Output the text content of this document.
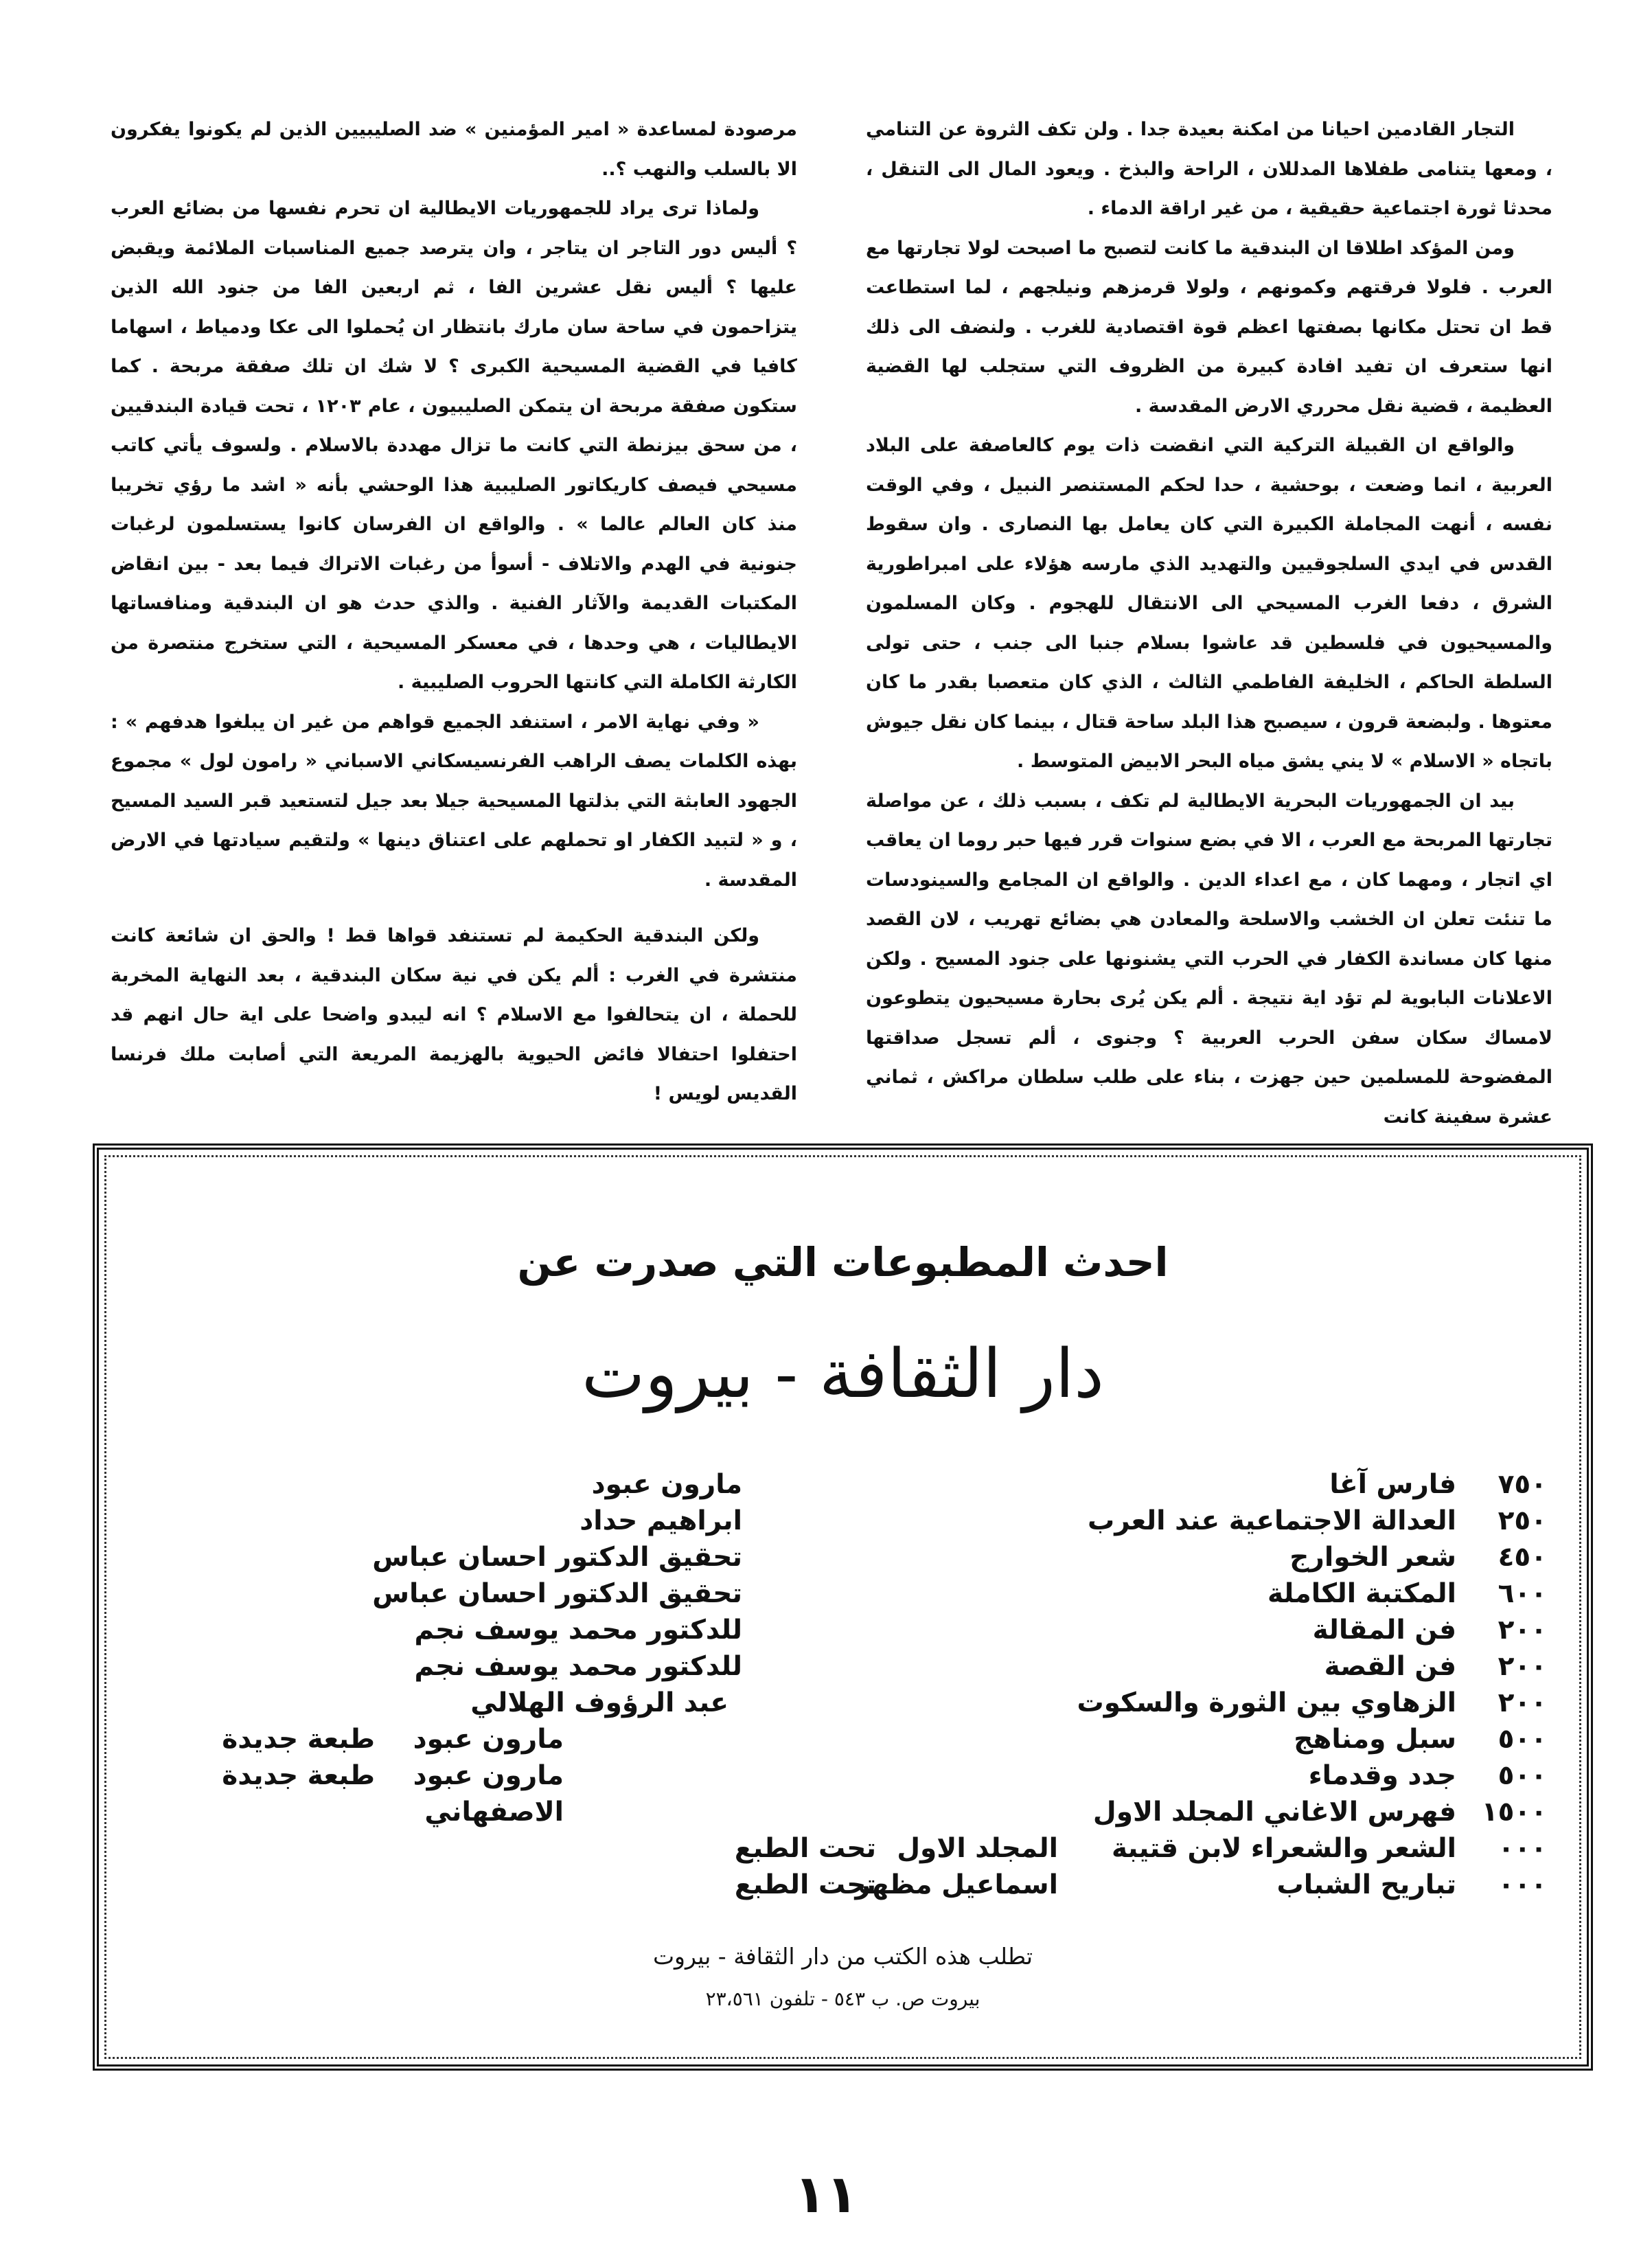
التجار القادمين احيانا من امكنة بعيدة جدا . ولن تكف الثروة عن التنامي ، ومعها يتنامى طفلاها المدللان ، الراحة والبذخ . ويعود المال الى التنقل ، محدثا ثورة اجتماعية حقيقية ، من غير اراقة الدماء .

ومن المؤكد اطلاقا ان البندقية ما كانت لتصبح ما اصبحت لولا تجارتها مع العرب . فلولا فرقتهم وكمونهم ، ولولا قرمزهم ونيلجهم ، لما استطاعت قط ان تحتل مكانها بصفتها اعظم قوة اقتصادية للغرب . ولنضف الى ذلك انها ستعرف ان تفيد افادة كبيرة من الظروف التي ستجلب لها القضية العظيمة ، قضية نقل محرري الارض المقدسة .

والواقع ان القبيلة التركية التي انقضت ذات يوم كالعاصفة على البلاد العربية ، انما وضعت ، بوحشية ، حدا لحكم المستنصر النبيل ، وفي الوقت نفسه ، أنهت المجاملة الكبيرة التي كان يعامل بها النصارى . وان سقوط القدس في ايدي السلجوقيين والتهديد الذي مارسه هؤلاء على امبراطورية الشرق ، دفعا الغرب المسيحي الى الانتقال للهجوم . وكان المسلمون والمسيحيون في فلسطين قد عاشوا بسلام جنبا الى جنب ، حتى تولى السلطة الحاكم ، الخليفة الفاطمي الثالث ، الذي كان متعصبا بقدر ما كان معتوها . ولبضعة قرون ، سيصبح هذا البلد ساحة قتال ، بينما كان نقل جيوش باتجاه « الاسلام » لا يني يشق مياه البحر الابيض المتوسط .

بيد ان الجمهوريات البحرية الايطالية لم تكف ، بسبب ذلك ، عن مواصلة تجارتها المربحة مع العرب ، الا في بضع سنوات قرر فيها حبر روما ان يعاقب اي اتجار ، ومهما كان ، مع اعداء الدين . والواقع ان المجامع والسينودسات ما تنئت تعلن ان الخشب والاسلحة والمعادن هي بضائع تهريب ، لان القصد منها كان مساندة الكفار في الحرب التي يشنونها على جنود المسيح . ولكن الاعلانات البابوية لم تؤد اية نتيجة . ألم يكن يُرى بحارة مسيحيون يتطوعون لامساك سكان سفن الحرب العربية ؟ وجنوى ، ألم تسجل صداقتها المفضوحة للمسلمين حين جهزت ، بناء على طلب سلطان مراكش ، ثماني عشرة سفينة كانت

مرصودة لمساعدة « امير المؤمنين » ضد الصليبيين الذين لم يكونوا يفكرون الا بالسلب والنهب ؟..

ولماذا ترى يراد للجمهوريات الايطالية ان تحرم نفسها من بضائع العرب ؟ أليس دور التاجر ان يتاجر ، وان يترصد جميع المناسبات الملائمة ويقبض عليها ؟ أليس نقل عشرين الفا ، ثم اربعين الفا من جنود الله الذين يتزاحمون في ساحة سان مارك بانتظار ان يُحملوا الى عكا ودمياط ، اسهاما كافيا في القضية المسيحية الكبرى ؟ لا شك ان تلك صفقة مربحة . كما ستكون صفقة مربحة ان يتمكن الصليبيون ، عام ١٢٠٣ ، تحت قيادة البندقيين ، من سحق بيزنطة التي كانت ما تزال مهددة بالاسلام . ولسوف يأتي كاتب مسيحي فيصف كاريكاتور الصليبية هذا الوحشي بأنه « اشد ما رؤي تخريبا منذ كان العالم عالما » . والواقع ان الفرسان كانوا يستسلمون لرغبات جنونية في الهدم والاتلاف - أسوأ من رغبات الاتراك فيما بعد - بين انقاض المكتبات القديمة والآثار الفنية . والذي حدث هو ان البندقية ومنافساتها الايطاليات ، هي وحدها ، في معسكر المسيحية ، التي ستخرج منتصرة من الكارثة الكاملة التي كانتها الحروب الصليبية .

« وفي نهاية الامر ، استنفد الجميع قواهم من غير ان يبلغوا هدفهم » : بهذه الكلمات يصف الراهب الفرنسيسكاني الاسباني « رامون لول » مجموع الجهود العابثة التي بذلتها المسيحية جيلا بعد جيل لتستعيد قبر السيد المسيح ، و « لتبيد الكفار او تحملهم على اعتناق دينها » ولتقيم سيادتها في الارض المقدسة .

ولكن البندقية الحكيمة لم تستنفد قواها قط ! والحق ان شائعة كانت منتشرة في الغرب : ألم يكن في نية سكان البندقية ، بعد النهاية المخربة للحملة ، ان يتحالفوا مع الاسلام ؟ انه ليبدو واضحا على اية حال انهم قد احتفلوا احتفالا فائض الحيوية بالهزيمة المريعة التي أصابت ملك فرنسا القديس لويس !

احدث المطبوعات التي صدرت عن
دار الثقافة - بيروت
٧٥٠
فارس آغا
مارون عبود
٢٥٠
العدالة الاجتماعية عند العرب
ابراهيم حداد
٤٥٠
شعر الخوارج
تحقيق الدكتور احسان عباس
٦٠٠
المكتبة الكاملة
تحقيق الدكتور احسان عباس
٢٠٠
فن المقالة
للدكتور محمد يوسف نجم
٢٠٠
فن القصة
للدكتور محمد يوسف نجم
٢٠٠
الزهاوي بين الثورة والسكوت
عبد الرؤوف الهلالي
٥٠٠
سبل ومناهج
مارون عبود
طبعة جديدة
٥٠٠
جدد وقدماء
مارون عبود
طبعة جديدة
١٥٠٠
فهرس الاغاني المجلد الاول
الاصفهاني
٠٠٠
الشعر والشعراء لابن قتيبة
المجلد الاول
تحت الطبع
٠٠٠
تباريح الشباب
اسماعيل مظهر
تحت الطبع
تطلب هذه الكتب من دار الثقافة - بيروت
بيروت ص. ب ٥٤٣ - تلفون ٢٣،٥٦١
١١
